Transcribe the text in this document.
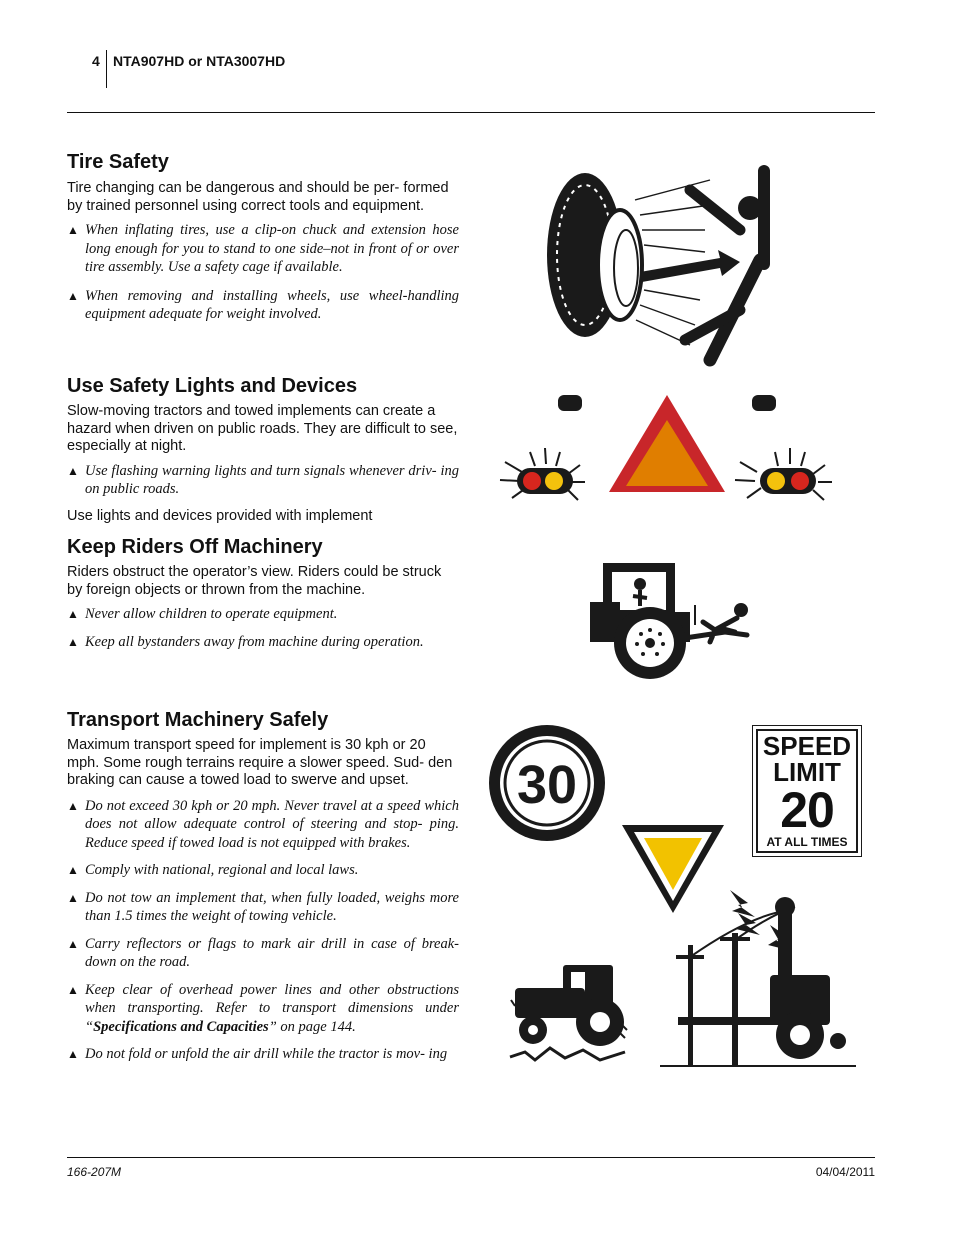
4 NTA907HD or NTA3007HD
Tire Safety

Tire changing can be dangerous and should be per- formed by trained personnel using correct tools and equipment.

▲ When inflating tires, use a clip-on chuck and extension hose long enough for you to stand to one side–not in front of or over tire assembly. Use a safety cage if available.
▲ When removing and installing wheels, use wheel-handling equipment adequate for weight involved.
Use Safety Lights and Devices

Slow-moving tractors and towed implements can create a hazard when driven on public roads. They are difficult to see, especially at night.

▲ Use flashing warning lights and turn signals whenever driv- ing on public roads.

Use lights and devices provided with implement

Keep Riders Off Machinery

Riders obstruct the operator’s view. Riders could be struck by foreign objects or thrown from the machine.

▲ Never allow children to operate equipment.
▲ Keep all bystanders away from machine during operation.
Transport Machinery Safely

Maximum transport speed for implement is 30 kph or 20 mph. Some rough terrains require a slower speed. Sud- den braking can cause a towed load to swerve and upset.

▲ Do not exceed 30 kph or 20 mph. Never travel at a speed which does not allow adequate control of steering and stop- ping. Reduce speed if towed load is not equipped with brakes.
▲ Comply with national, regional and local laws.
▲ Do not tow an implement that, when fully loaded, weighs more than 1.5 times the weight of towing vehicle.
▲ Carry reflectors or flags to mark air drill in case of break- down on the road.
▲ Keep clear of overhead power lines and other obstructions when transporting. Refer to transport dimensions under “Specifications and Capacities” on page 144.
▲ Do not fold or unfold the air drill while the tractor is mov- ing
30
SPEED
LIMIT
20
AT ALL TIMES
166-207M	04/04/2011
